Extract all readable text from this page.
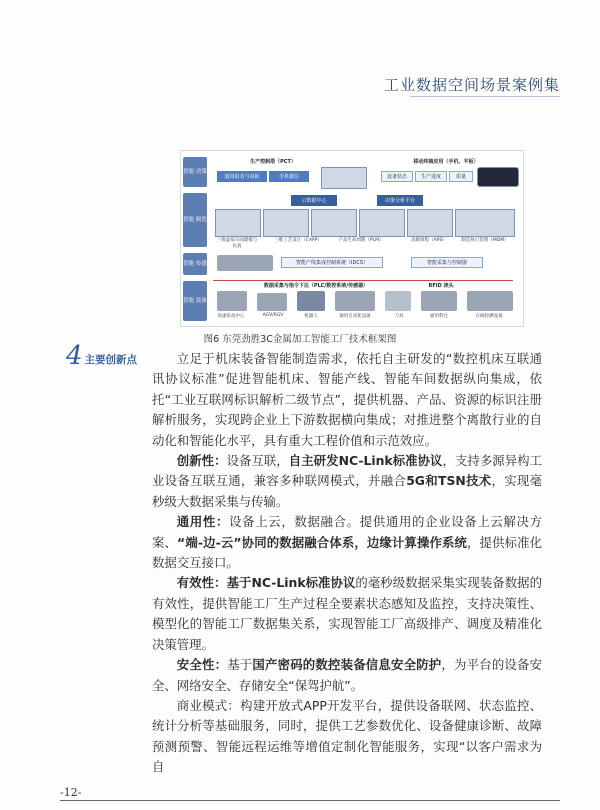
工业数据空间场景案例集
智能 决策
生产控制塔（PCT）	移动终端应用（手机、平板）
通用报表与看板	手机微信	设备状态	生产进度	质量
智能 制造
云数据中心	决策分析平台
三维虚拟车间建模与仿真
三维工艺设计（CAPP）	产品生命周期（PLM）	高级排程（APS）	制造执行管理（MOM）
智能 传感	智能产线集成控制系统（IDCS）	智能采集与控制器
智能 装备
数据采集与指令下达（PLC/数控系统/传感器）	RFID 读头
高速钻攻中心	AGV/RGV	机器人	通用自动化设备	刀具	通用料仓	在线检测设备
图6 东莞劲胜3C金属加工智能工厂技术框架图
4 主要创新点	立足于机床装备智能制造需求，依托自主研发的“数控机床互联通讯协议标准”促进智能机床、智能产线、智能车间数据纵向集成，依托“工业互联网标识解析二级节点”，提供机器、产品、资源的标识注册解析服务，实现跨企业上下游数据横向集成；对推进整个离散行业的自动化和智能化水平，具有重大工程价值和示范效应。

创新性：设备互联，自主研发NC-Link标准协议，支持多源异构工业设备互联互通，兼容多种联网模式，并融合5G和TSN技术，实现毫秒级大数据采集与传输。

通用性：设备上云，数据融合。提供通用的企业设备上云解决方案、“端-边-云”协同的数据融合体系，边缘计算操作系统，提供标准化数据交互接口。

有效性：基于NC-Link标准协议的毫秒级数据采集实现装备数据的有效性，提供智能工厂生产过程全要素状态感知及监控，支持决策性、模型化的智能工厂数据集关系，实现智能工厂高级排产、调度及精准化决策管理。

安全性：基于国产密码的数控装备信息安全防护，为平台的设备安全、网络安全、存储安全“保驾护航”。

商业模式：构建开放式APP开发平台，提供设备联网、状态监控、统计分析等基础服务，同时，提供工艺参数优化、设备健康诊断、故障预测预警、智能远程运维等增值定制化智能服务，实现“以客户需求为自

-12-
